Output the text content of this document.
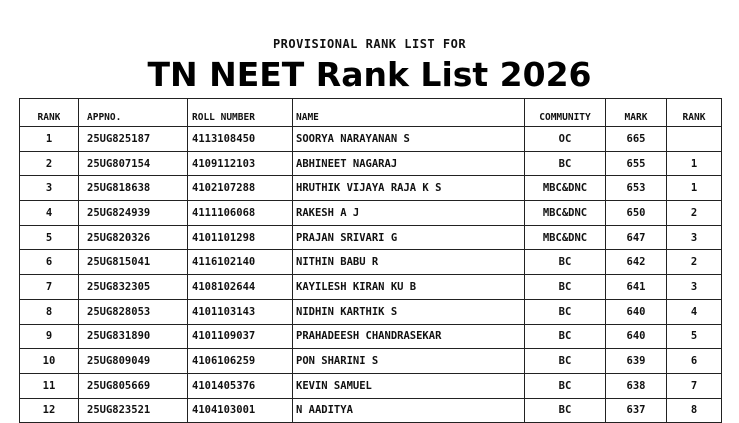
PROVISIONAL RANK LIST FOR
TN NEET Rank List 2026
RANK	APPNO.	ROLL NUMBER	NAME	COMMUNITY	MARK	RANK
1	25UG825187	4113108450	SOORYA NARAYANAN S	OC	665	
2	25UG807154	4109112103	ABHINEET NAGARAJ	BC	655	1
3	25UG818638	4102107288	HRUTHIK VIJAYA RAJA K S	MBC&DNC	653	1
4	25UG824939	4111106068	RAKESH A J	MBC&DNC	650	2
5	25UG820326	4101101298	PRAJAN SRIVARI G	MBC&DNC	647	3
6	25UG815041	4116102140	NITHIN BABU R	BC	642	2
7	25UG832305	4108102644	KAYILESH KIRAN KU B	BC	641	3
8	25UG828053	4101103143	NIDHIN KARTHIK S	BC	640	4
9	25UG831890	4101109037	PRAHADEESH CHANDRASEKAR	BC	640	5
10	25UG809049	4106106259	PON SHARINI S	BC	639	6
11	25UG805669	4101405376	KEVIN SAMUEL	BC	638	7
12	25UG823521	4104103001	N AADITYA	BC	637	8
